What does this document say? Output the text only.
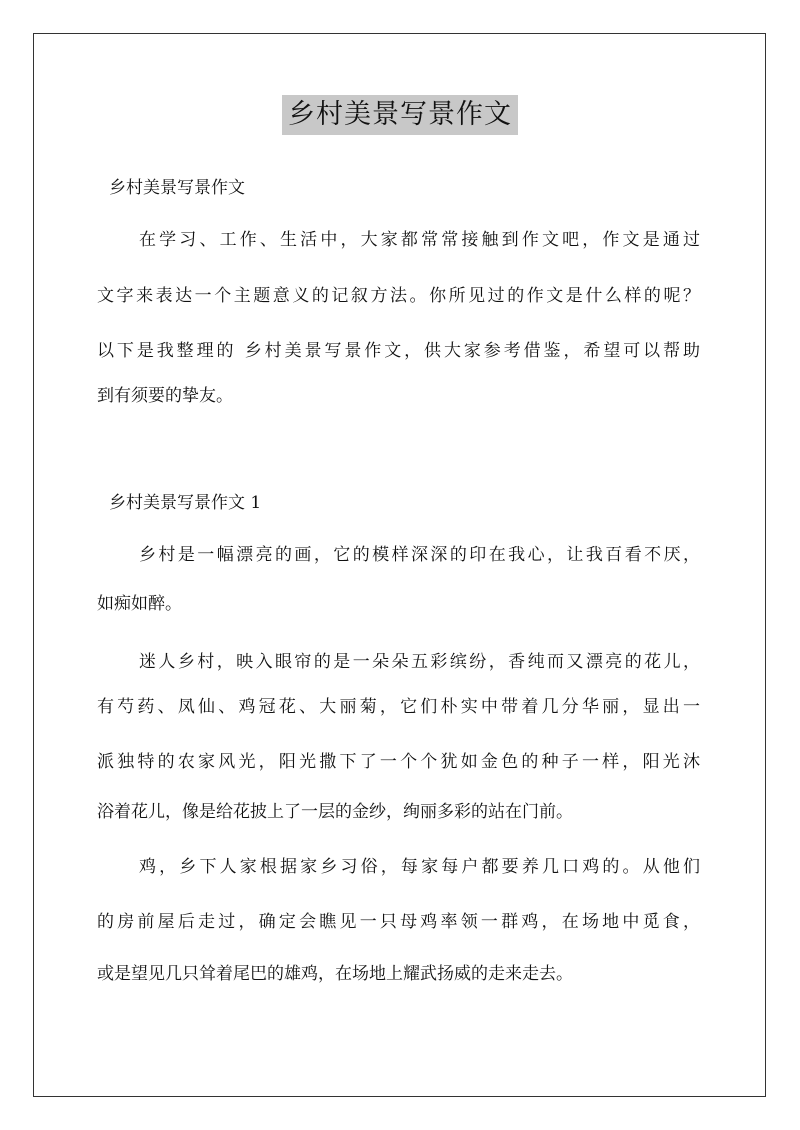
乡村美景写景作文
乡村美景写景作文
在学习、工作、生活中，大家都常常接触到作文吧，作文是通过
文字来表达一个主题意义的记叙方法。你所见过的作文是什么样的呢？
以下是我整理的 乡村美景写景作文，供大家参考借鉴，希望可以帮助
到有须要的挚友。
乡村美景写景作文 1
乡村是一幅漂亮的画，它的模样深深的印在我心，让我百看不厌，
如痴如醉。
迷人乡村，映入眼帘的是一朵朵五彩缤纷，香纯而又漂亮的花儿，
有芍药、凤仙、鸡冠花、大丽菊，它们朴实中带着几分华丽，显出一
派独特的农家风光，阳光撒下了一个个犹如金色的种子一样，阳光沐
浴着花儿，像是给花披上了一层的金纱，绚丽多彩的站在门前。
鸡，乡下人家根据家乡习俗，每家每户都要养几口鸡的。从他们
的房前屋后走过，确定会瞧见一只母鸡率领一群鸡，在场地中觅食，
或是望见几只耸着尾巴的雄鸡，在场地上耀武扬威的走来走去。
